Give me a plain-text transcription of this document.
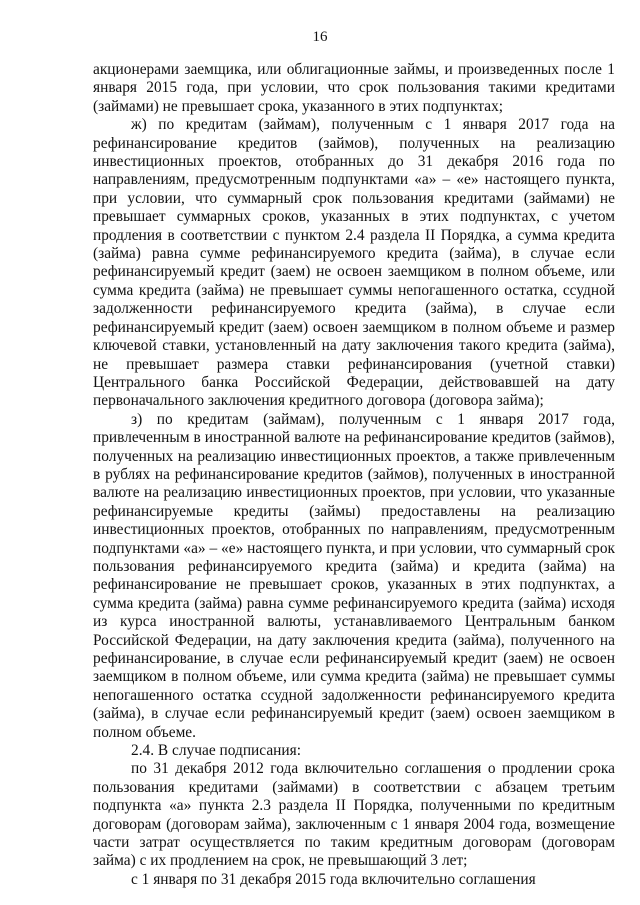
16

акционерами заемщика, или облигационные займы, и произведенных после 1 января 2015 года, при условии, что срок пользования такими кредитами (займами) не превышает срока, указанного в этих подпунктах;

ж) по кредитам (займам), полученным с 1 января 2017 года на рефинансирование кредитов (займов), полученных на реализацию инвестиционных проектов, отобранных до 31 декабря 2016 года по направлениям, предусмотренным подпунктами «а» – «е» настоящего пункта, при условии, что суммарный срок пользования кредитами (займами) не превышает суммарных сроков, указанных в этих подпунктах, с учетом продления в соответствии с пунктом 2.4 раздела II Порядка, а сумма кредита (займа) равна сумме рефинансируемого кредита (займа), в случае если рефинансируемый кредит (заем) не освоен заемщиком в полном объеме, или сумма кредита (займа) не превышает суммы непогашенного остатка, ссудной задолженности рефинансируемого кредита (займа), в случае если рефинансируемый кредит (заем) освоен заемщиком в полном объеме и размер ключевой ставки, установленный на дату заключения такого кредита (займа), не превышает размера ставки рефинансирования (учетной ставки) Центрального банка Российской Федерации, действовавшей на дату первоначального заключения кредитного договора (договора займа);

з) по кредитам (займам), полученным с 1 января 2017 года, привлеченным в иностранной валюте на рефинансирование кредитов (займов), полученных на реализацию инвестиционных проектов, а также привлеченным в рублях на рефинансирование кредитов (займов), полученных в иностранной валюте на реализацию инвестиционных проектов, при условии, что указанные рефинансируемые кредиты (займы) предоставлены на реализацию инвестиционных проектов, отобранных по направлениям, предусмотренным подпунктами «а» – «е» настоящего пункта, и при условии, что суммарный срок пользования рефинансируемого кредита (займа) и кредита (займа) на рефинансирование не превышает сроков, указанных в этих подпунктах, а сумма кредита (займа) равна сумме рефинансируемого кредита (займа) исходя из курса иностранной валюты, устанавливаемого Центральным банком Российской Федерации, на дату заключения кредита (займа), полученного на рефинансирование, в случае если рефинансируемый кредит (заем) не освоен заемщиком в полном объеме, или сумма кредита (займа) не превышает суммы непогашенного остатка ссудной задолженности рефинансируемого кредита (займа), в случае если рефинансируемый кредит (заем) освоен заемщиком в полном объеме.

2.4. В случае подписания:

по 31 декабря 2012 года включительно соглашения о продлении срока пользования кредитами (займами) в соответствии с абзацем третьим подпункта «а» пункта 2.3 раздела II Порядка, полученными по кредитным договорам (договорам займа), заключенным с 1 января 2004 года, возмещение части затрат осуществляется по таким кредитным договорам (договорам займа) с их продлением на срок, не превышающий 3 лет;

с 1 января по 31 декабря 2015 года включительно соглашения
